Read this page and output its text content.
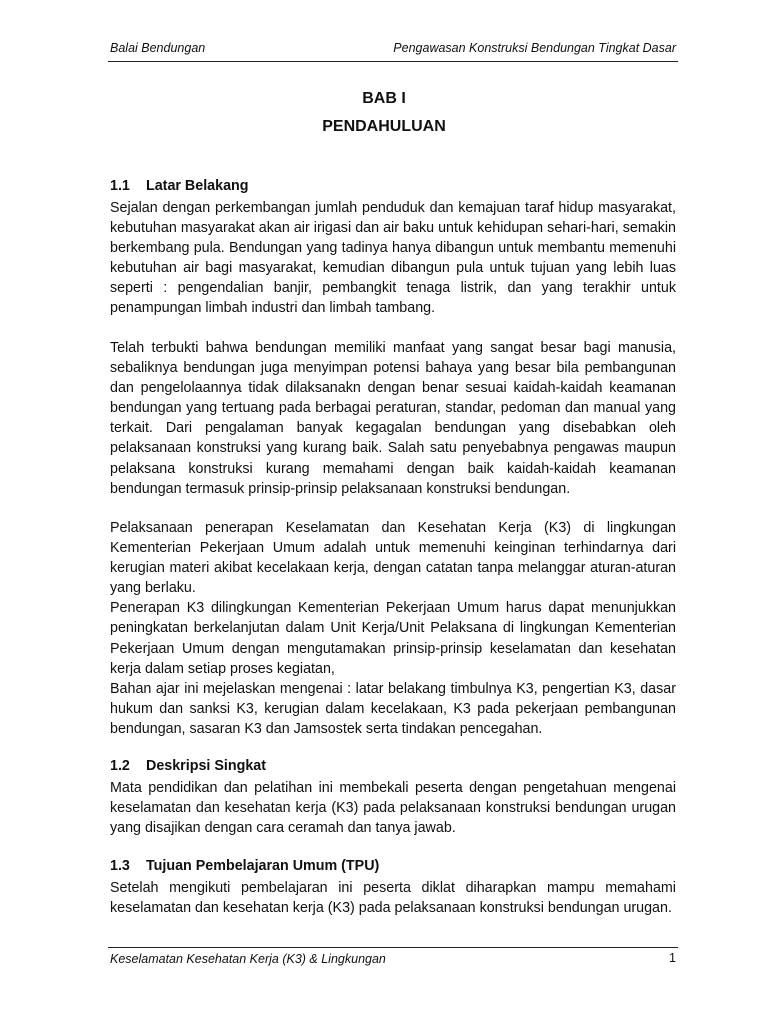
Balai Bendungan	Pengawasan Konstruksi Bendungan Tingkat Dasar
BAB I
PENDAHULUAN
1.1 Latar Belakang

Sejalan dengan perkembangan jumlah penduduk dan kemajuan taraf hidup masyarakat, kebutuhan masyarakat akan air irigasi dan air baku untuk kehidupan sehari-hari, semakin berkembang pula. Bendungan yang tadinya hanya dibangun untuk membantu memenuhi kebutuhan air bagi masyarakat, kemudian dibangun pula untuk tujuan yang lebih luas seperti : pengendalian banjir, pembangkit tenaga listrik, dan yang terakhir untuk penampungan limbah industri dan limbah tambang.

Telah terbukti bahwa bendungan memiliki manfaat yang sangat besar bagi manusia, sebaliknya bendungan juga menyimpan potensi bahaya yang besar bila pembangunan dan pengelolaannya tidak dilaksanakn dengan benar sesuai kaidah-kaidah keamanan bendungan yang tertuang pada berbagai peraturan, standar, pedoman dan manual yang terkait. Dari pengalaman banyak kegagalan bendungan yang disebabkan oleh pelaksanaan konstruksi yang kurang baik. Salah satu penyebabnya pengawas maupun pelaksana konstruksi kurang memahami dengan baik kaidah-kaidah keamanan bendungan termasuk prinsip-prinsip pelaksanaan konstruksi bendungan.

Pelaksanaan penerapan Keselamatan dan Kesehatan Kerja (K3) di lingkungan Kementerian Pekerjaan Umum adalah untuk memenuhi keinginan terhindarnya dari kerugian materi akibat kecelakaan kerja, dengan catatan tanpa melanggar aturan-aturan yang berlaku.

Penerapan K3 dilingkungan Kementerian Pekerjaan Umum harus dapat menunjukkan peningkatan berkelanjutan dalam Unit Kerja/Unit Pelaksana di lingkungan Kementerian Pekerjaan Umum dengan mengutamakan prinsip-prinsip keselamatan dan kesehatan kerja dalam setiap proses kegiatan,

Bahan ajar ini mejelaskan mengenai : latar belakang timbulnya K3, pengertian K3, dasar hukum dan sanksi K3, kerugian dalam kecelakaan, K3 pada pekerjaan pembangunan bendungan, sasaran K3 dan Jamsostek serta tindakan pencegahan.

1.2 Deskripsi Singkat

Mata pendidikan dan pelatihan ini membekali peserta dengan pengetahuan mengenai keselamatan dan kesehatan kerja (K3) pada pelaksanaan konstruksi bendungan urugan yang disajikan dengan cara ceramah dan tanya jawab.

1.3 Tujuan Pembelajaran Umum (TPU)

Setelah mengikuti pembelajaran ini peserta diklat diharapkan mampu memahami keselamatan dan kesehatan kerja (K3) pada pelaksanaan konstruksi bendungan urugan.

Keselamatan Kesehatan Kerja (K3) & Lingkungan	1
